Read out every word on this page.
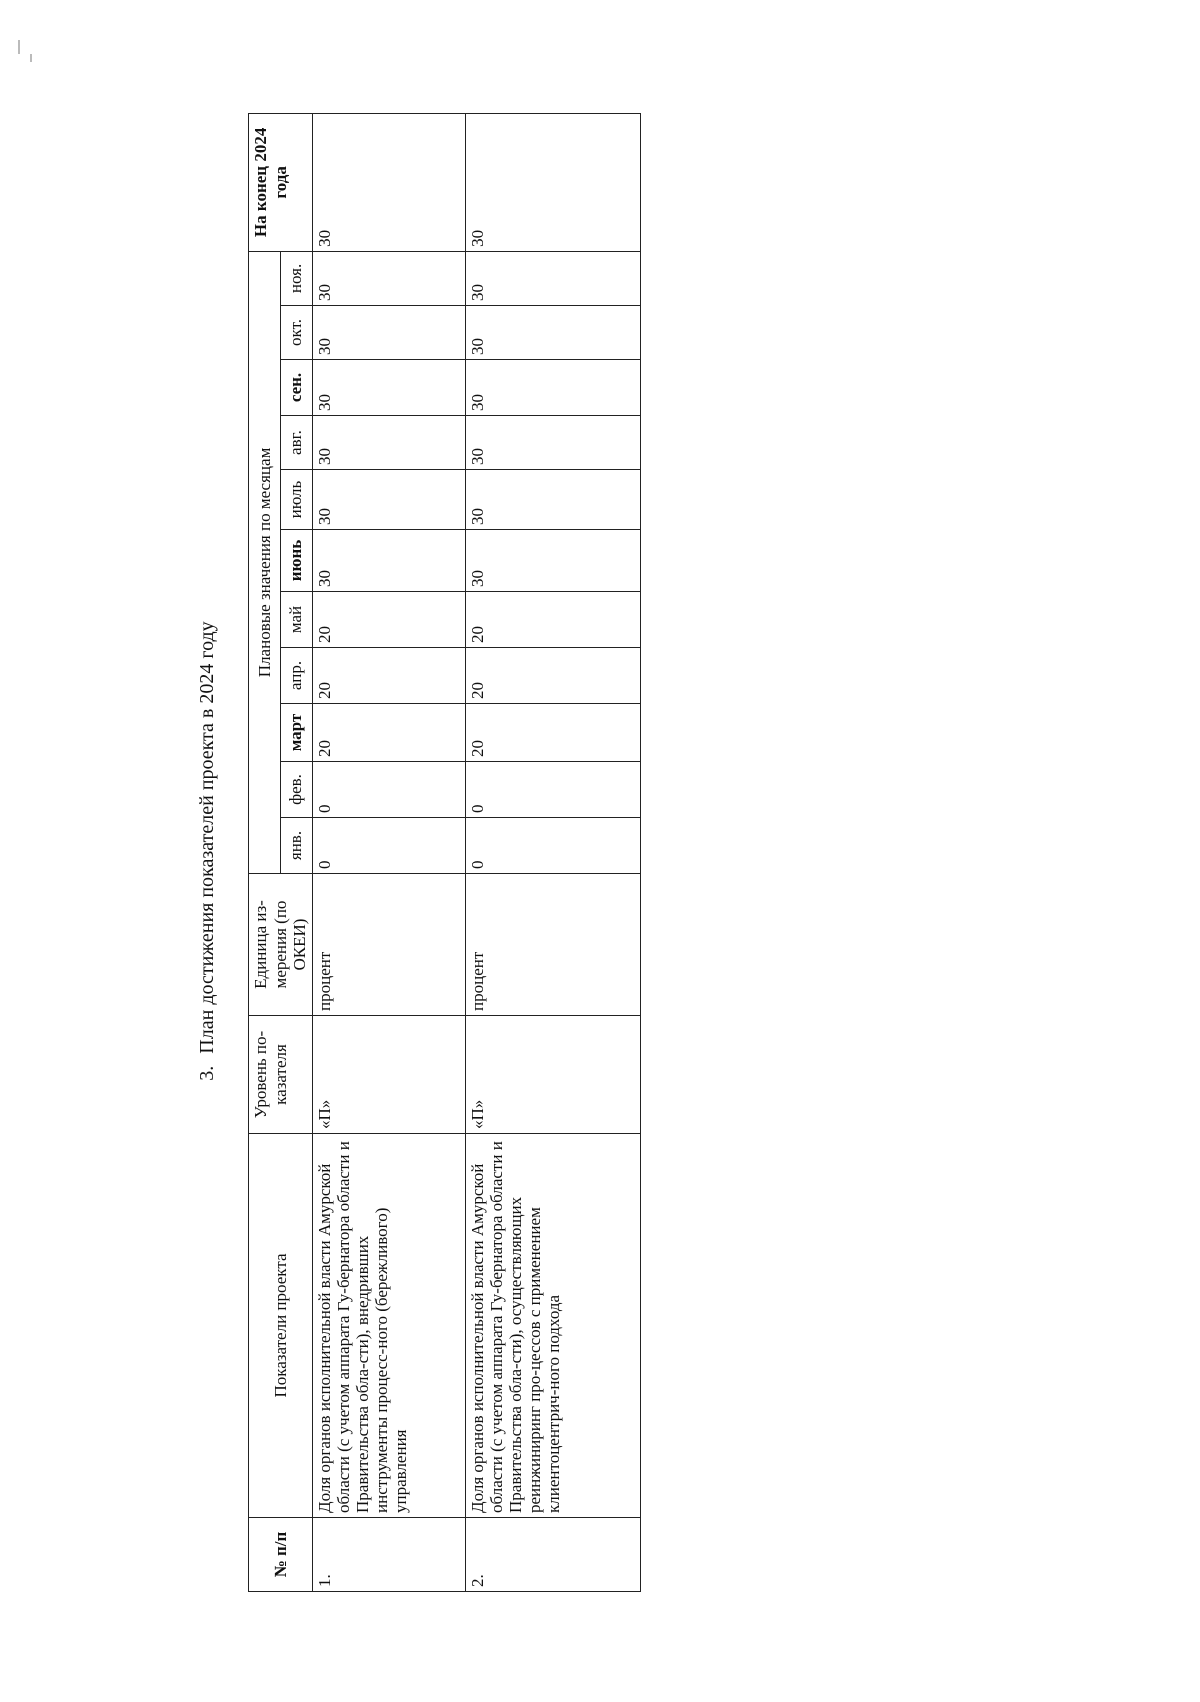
3.План достижения показателей проекта в 2024 году
№ п/п	Показатели проекта	Уровень по-казателя	Единица из-мерения (по ОКЕИ)	Плановые значения по месяцам											На конец 2024 года
				янв.	фев.	март	апр.	май	июнь	июль	авг.	сен.	окт.	ноя.	
1.	Доля органов исполнительной власти Амурской области (с учетом аппарата Гу-бернатора области и Правительства обла-сти), внедривших инструменты процесс-ного (бережливого) управления	«П»	процент	0	0	20	20	20	30	30	30	30	30	30	30
2.	Доля органов исполнительной власти Амурской области (с учетом аппарата Гу-бернатора области и Правительства обла-сти), осуществляющих реинжиниринг про-цессов с применением клиентоцентрич-ного подхода	«П»	процент	0	0	20	20	20	30	30	30	30	30	30	30
